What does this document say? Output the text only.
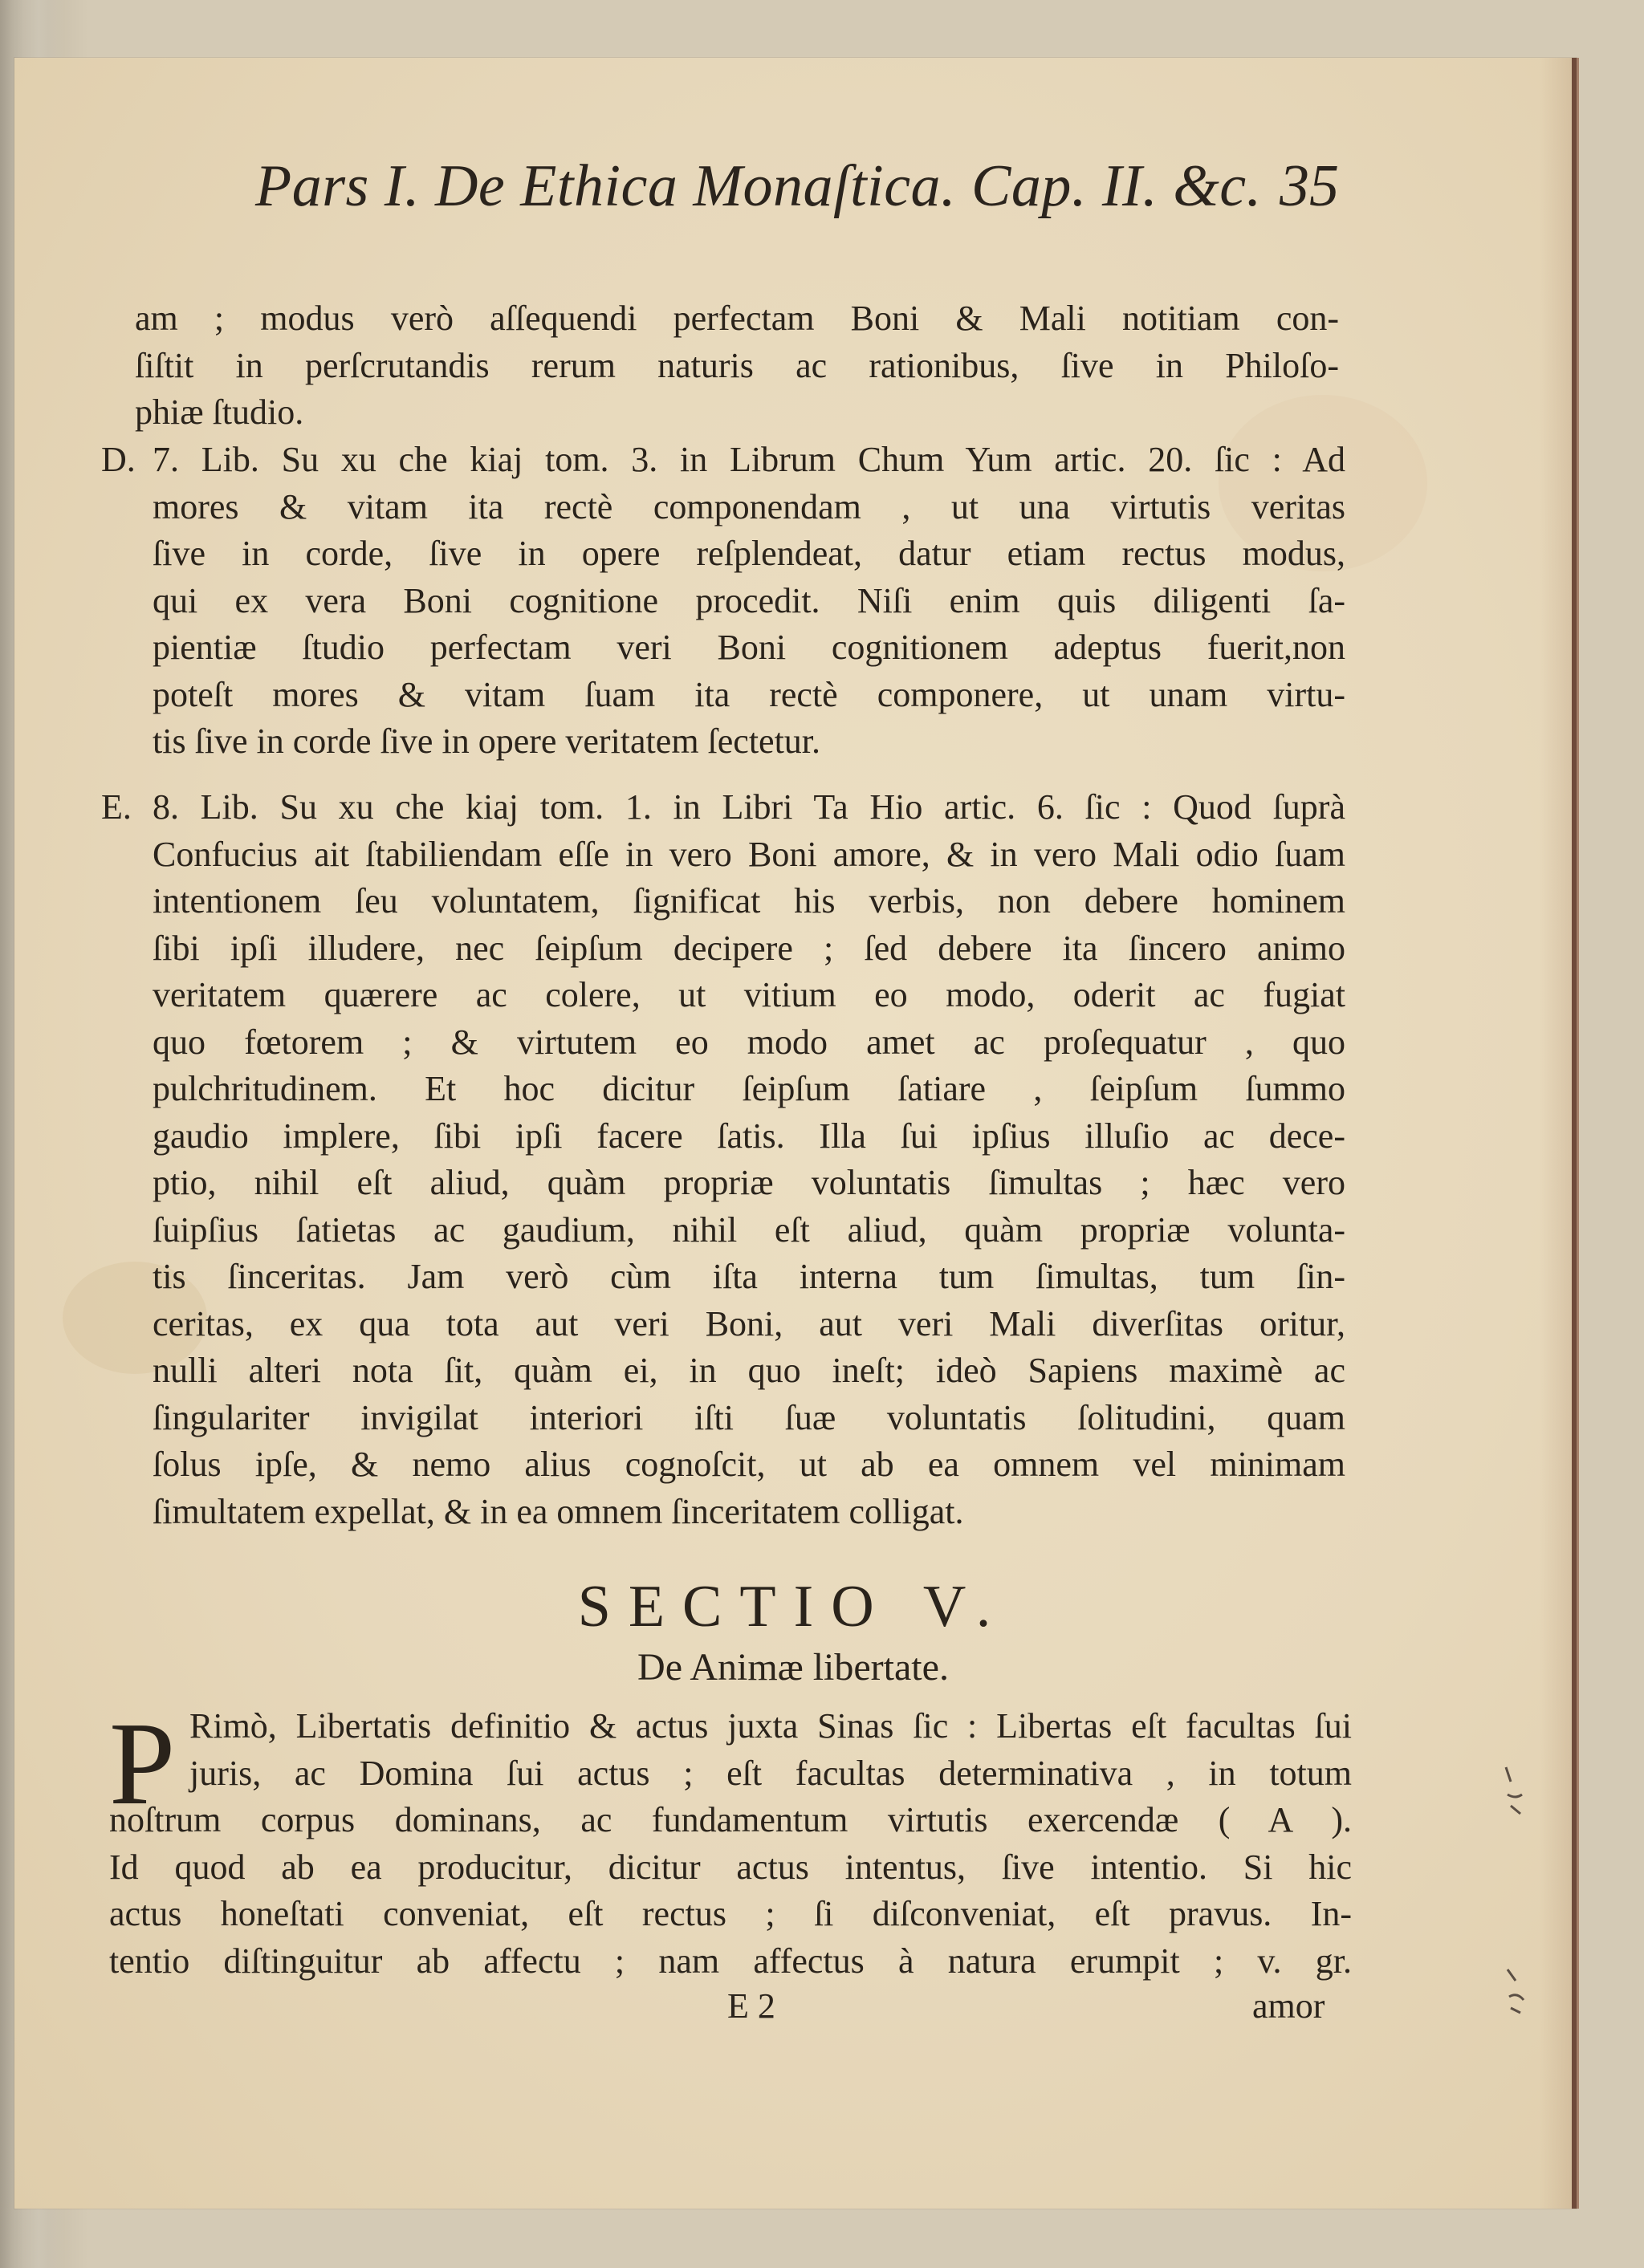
Pars I. De Ethica Monaſtica. Cap. II. &c. 35
am ; modus verò aſſequendi perfectam Boni & Mali notitiam con-
ſiſtit in perſcrutandis rerum naturis ac rationibus, ſive in Philoſo-
phiæ ſtudio.
D. 7. Lib. Su xu che kiaj tom. 3. in Librum Chum Yum artic. 20. ſic : Ad
mores & vitam ita rectè componendam , ut una virtutis veritas
ſive in corde, ſive in opere reſplendeat, datur etiam rectus modus,
qui ex vera Boni cognitione procedit. Niſi enim quis diligenti ſa-
pientiæ ſtudio perfectam veri Boni cognitionem adeptus fuerit,non
poteſt mores & vitam ſuam ita rectè componere, ut unam virtu-
tis ſive in corde ſive in opere veritatem ſectetur.
E. 8. Lib. Su xu che kiaj tom. 1. in Libri Ta Hio artic. 6. ſic : Quod ſuprà
Confucius ait ſtabiliendam eſſe in vero Boni amore, & in vero Mali odio ſuam
intentionem ſeu voluntatem, ſignificat his verbis, non debere hominem
ſibi ipſi illudere, nec ſeipſum decipere ; ſed debere ita ſincero animo
veritatem quærere ac colere, ut vitium eo modo, oderit ac fugiat
quo fœtorem ; & virtutem eo modo amet ac proſequatur , quo
pulchritudinem. Et hoc dicitur ſeipſum ſatiare , ſeipſum ſummo
gaudio implere, ſibi ipſi facere ſatis. Illa ſui ipſius illuſio ac dece-
ptio, nihil eſt aliud, quàm propriæ voluntatis ſimultas ; hæc vero
ſuipſius ſatietas ac gaudium, nihil eſt aliud, quàm propriæ volunta-
tis ſinceritas. Jam verò cùm iſta interna tum ſimultas, tum ſin-
ceritas, ex qua tota aut veri Boni, aut veri Mali diverſitas oritur,
nulli alteri nota ſit, quàm ei, in quo ineſt; ideò Sapiens maximè ac
ſingulariter invigilat interiori iſti ſuæ voluntatis ſolitudini, quam
ſolus ipſe, & nemo alius cognoſcit, ut ab ea omnem vel minimam
ſimultatem expellat, & in ea omnem ſinceritatem colligat.
SECTIO V.
De Animæ libertate.
P Rimò, Libertatis definitio & actus juxta Sinas ſic : Libertas eſt facultas ſui
juris, ac Domina ſui actus ; eſt facultas determinativa , in totum
noſtrum corpus dominans, ac fundamentum virtutis exercendæ ( A ).
Id quod ab ea producitur, dicitur actus intentus, ſive intentio. Si hic
actus honeſtati conveniat, eſt rectus ; ſi diſconveniat, eſt pravus. In-
tentio diſtinguitur ab affectu ; nam affectus à natura erumpit ; v. gr.
E 2	amor
